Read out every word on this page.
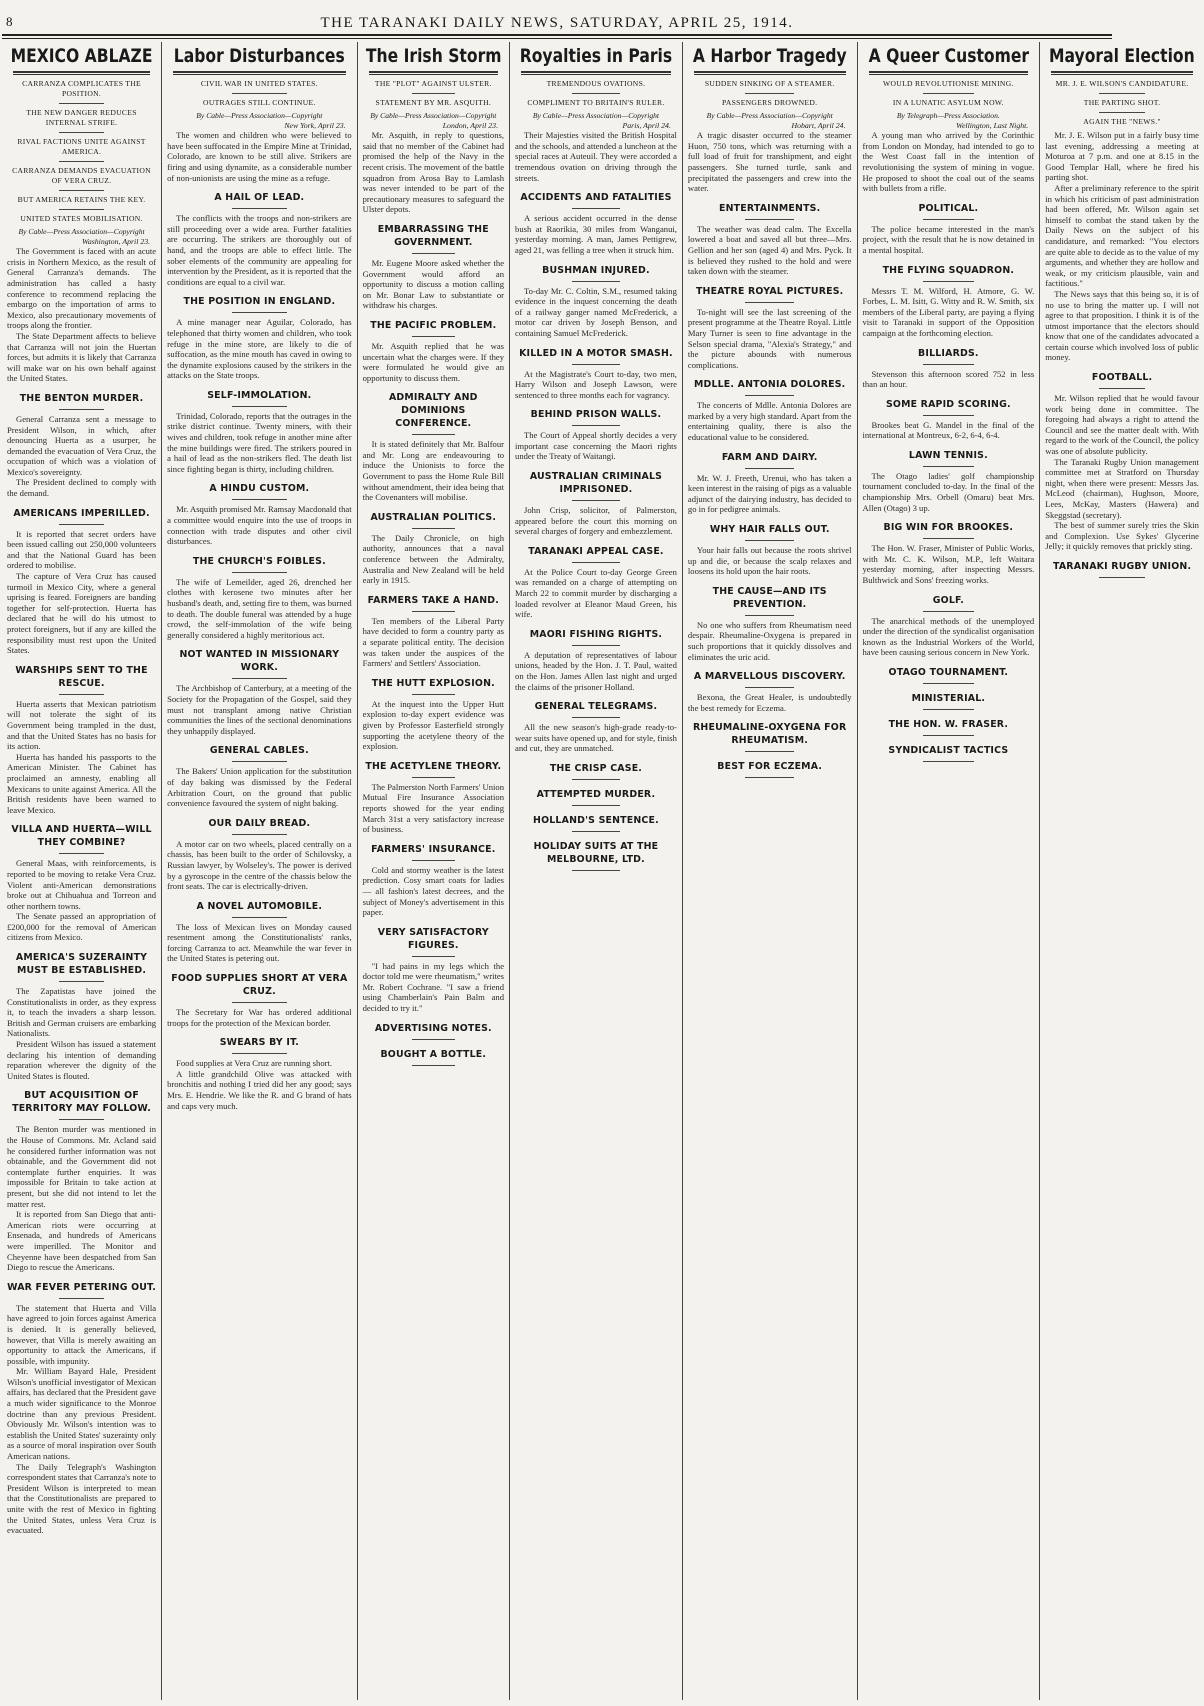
8	THE TARANAKI DAILY NEWS, SATURDAY, APRIL 25, 1914.
MEXICO ABLAZE
CARRANZA COMPLICATES THE POSITION.
THE NEW DANGER REDUCES INTERNAL STRIFE.
RIVAL FACTIONS UNITE AGAINST AMERICA.
CARRANZA DEMANDS EVACUATION OF VERA CRUZ.
BUT AMERICA RETAINS THE KEY.
UNITED STATES MOBILISATION.
By Cable—Press Association—Copyright
Washington, April 23.

The Government is faced with an acute crisis in Northern Mexico, as the result of General Carranza's demands. The administration has called a hasty conference to recommend replacing the embargo on the importation of arms to Mexico, also precautionary movements of troops along the frontier.

The State Department affects to believe that Carranza will not join the Huertan forces, but admits it is likely that Carranza will make war on his own behalf against the United States.

THE BENTON MURDER.

General Carranza sent a message to President Wilson, in which, after denouncing Huerta as a usurper, he demanded the evacuation of Vera Cruz, the occupation of which was a violation of Mexico's sovereignty.

The President declined to comply with the demand.

AMERICANS IMPERILLED.

It is reported that secret orders have been issued calling out 250,000 volunteers and that the National Guard has been ordered to mobilise.

The capture of Vera Cruz has caused turmoil in Mexico City, where a general uprising is feared. Foreigners are banding together for self-protection. Huerta has declared that he will do his utmost to protect foreigners, but if any are killed the responsibility must rest upon the United States.

WARSHIPS SENT TO THE RESCUE.

Huerta asserts that Mexican patriotism will not tolerate the sight of its Government being trampled in the dust, and that the United States has no basis for its action.

Huerta has handed his passports to the American Minister. The Cabinet has proclaimed an amnesty, enabling all Mexicans to unite against America. All the British residents have been warned to leave Mexico.

VILLA AND HUERTA—WILL THEY COMBINE?

General Maas, with reinforcements, is reported to be moving to retake Vera Cruz. Violent anti-American demonstrations broke out at Chihuahua and Torreon and other northern towns.

The Senate passed an appropriation of £200,000 for the removal of American citizens from Mexico.

AMERICA'S SUZERAINTY MUST BE ESTABLISHED.

The Zapatistas have joined the Constitutionalists in order, as they express it, to teach the invaders a sharp lesson. British and German cruisers are embarking Nationalists.

President Wilson has issued a statement declaring his intention of demanding reparation wherever the dignity of the United States is flouted.

BUT ACQUISITION OF TERRITORY MAY FOLLOW.

The Benton murder was mentioned in the House of Commons. Mr. Acland said he considered further information was not obtainable, and the Government did not contemplate further enquiries. It was impossible for Britain to take action at present, but she did not intend to let the matter rest.

It is reported from San Diego that anti-American riots were occurring at Ensenada, and hundreds of Americans were imperilled. The Monitor and Cheyenne have been despatched from San Diego to rescue the Americans.

WAR FEVER PETERING OUT.

The statement that Huerta and Villa have agreed to join forces against America is denied. It is generally believed, however, that Villa is merely awaiting an opportunity to attack the Americans, if possible, with impunity.

Mr. William Bayard Hale, President Wilson's unofficial investigator of Mexican affairs, has declared that the President gave a much wider significance to the Monroe doctrine than any previous President. Obviously Mr. Wilson's intention was to establish the United States' suzerainty only as a source of moral inspiration over South American nations.

The Daily Telegraph's Washington correspondent states that Carranza's note to President Wilson is interpreted to mean that the Constitutionalists are prepared to unite with the rest of Mexico in fighting the United States, unless Vera Cruz is evacuated.

Labor Disturbances
CIVIL WAR IN UNITED STATES.
OUTRAGES STILL CONTINUE.
By Cable—Press Association—Copyright
New York, April 23.

The women and children who were believed to have been suffocated in the Empire Mine at Trinidad, Colorado, are known to be still alive. Strikers are firing and using dynamite, as a considerable number of non-unionists are using the mine as a refuge.

A HAIL OF LEAD.

The conflicts with the troops and non-strikers are still proceeding over a wide area. Further fatalities are occurring. The strikers are thoroughly out of hand, and the troops are able to effect little. The sober elements of the community are appealing for intervention by the President, as it is reported that the conditions are equal to a civil war.

THE POSITION IN ENGLAND.

A mine manager near Aguilar, Colorado, has telephoned that thirty women and children, who took refuge in the mine store, are likely to die of suffocation, as the mine mouth has caved in owing to the dynamite explosions caused by the strikers in the attacks on the State troops.

SELF-IMMOLATION.

Trinidad, Colorado, reports that the outrages in the strike district continue. Twenty miners, with their wives and children, took refuge in another mine after the mine buildings were fired. The strikers poured in a hail of lead as the non-strikers fled. The death list since fighting began is thirty, including children.

A HINDU CUSTOM.

Mr. Asquith promised Mr. Ramsay Macdonald that a committee would enquire into the use of troops in connection with trade disputes and other civil disturbances.

THE CHURCH'S FOIBLES.

The wife of Lemeilder, aged 26, drenched her clothes with kerosene two minutes after her husband's death, and, setting fire to them, was burned to death. The double funeral was attended by a huge crowd, the self-immolation of the wife being generally considered a highly meritorious act.

NOT WANTED IN MISSIONARY WORK.

The Archbishop of Canterbury, at a meeting of the Society for the Propagation of the Gospel, said they must not transplant among native Christian communities the lines of the sectional denominations they unhappily displayed.

GENERAL CABLES.

The Bakers' Union application for the substitution of day baking was dismissed by the Federal Arbitration Court, on the ground that public convenience favoured the system of night baking.

OUR DAILY BREAD.

A motor car on two wheels, placed centrally on a chassis, has been built to the order of Schilovsky, a Russian lawyer, by Wolseley's. The power is derived by a gyroscope in the centre of the chassis below the front seats. The car is electrically-driven.

A NOVEL AUTOMOBILE.

The loss of Mexican lives on Monday caused resentment among the Constitutionalists' ranks, forcing Carranza to act. Meanwhile the war fever in the United States is petering out.

FOOD SUPPLIES SHORT AT VERA CRUZ.

The Secretary for War has ordered additional troops for the protection of the Mexican border.

SWEARS BY IT.

Food supplies at Vera Cruz are running short.

A little grandchild Olive was attacked with bronchitis and nothing I tried did her any good; says Mrs. E. Hendrie. We like the R. and G brand of hats and caps very much.

The Irish Storm
THE "PLOT" AGAINST ULSTER.
STATEMENT BY MR. ASQUITH.
By Cable—Press Association—Copyright
London, April 23.

Mr. Asquith, in reply to questions, said that no member of the Cabinet had promised the help of the Navy in the recent crisis. The movement of the battle squadron from Arosa Bay to Lamlash was never intended to be part of the precautionary measures to safeguard the Ulster depots.

EMBARRASSING THE GOVERNMENT.

Mr. Eugene Moore asked whether the Government would afford an opportunity to discuss a motion calling on Mr. Bonar Law to substantiate or withdraw his charges.

THE PACIFIC PROBLEM.

Mr. Asquith replied that he was uncertain what the charges were. If they were formulated he would give an opportunity to discuss them.

ADMIRALTY AND DOMINIONS CONFERENCE.

It is stated definitely that Mr. Balfour and Mr. Long are endeavouring to induce the Unionists to force the Government to pass the Home Rule Bill without amendment, their idea being that the Covenanters will mobilise.

AUSTRALIAN POLITICS.

The Daily Chronicle, on high authority, announces that a naval conference between the Admiralty, Australia and New Zealand will be held early in 1915.

FARMERS TAKE A HAND.

Ten members of the Liberal Party have decided to form a country party as a separate political entity. The decision was taken under the auspices of the Farmers' and Settlers' Association.

THE HUTT EXPLOSION.

At the inquest into the Upper Hutt explosion to-day expert evidence was given by Professor Easterfield strongly supporting the acetylene theory of the explosion.

THE ACETYLENE THEORY.

The Palmerston North Farmers' Union Mutual Fire Insurance Association reports showed for the year ending March 31st a very satisfactory increase of business.

FARMERS' INSURANCE.

Cold and stormy weather is the latest prediction. Cosy smart coats for ladies — all fashion's latest decrees, and the subject of Money's advertisement in this paper.

VERY SATISFACTORY FIGURES.

"I had pains in my legs which the doctor told me were rheumatism," writes Mr. Robert Cochrane. "I saw a friend using Chamberlain's Pain Balm and decided to try it."

ADVERTISING NOTES.
BOUGHT A BOTTLE.
Royalties in Paris
TREMENDOUS OVATIONS.
COMPLIMENT TO BRITAIN'S RULER.
By Cable—Press Association—Copyright
Paris, April 24.

Their Majesties visited the British Hospital and the schools, and attended a luncheon at the special races at Auteuil. They were accorded a tremendous ovation on driving through the streets.

ACCIDENTS AND FATALITIES

A serious accident occurred in the dense bush at Raorikia, 30 miles from Wanganui, yesterday morning. A man, James Pettigrew, aged 21, was felling a tree when it struck him.

BUSHMAN INJURED.

To-day Mr. C. Coltin, S.M., resumed taking evidence in the inquest concerning the death of a railway ganger named McFrederick, a motor car driven by Joseph Benson, and containing Samuel McFrederick.

KILLED IN A MOTOR SMASH.

At the Magistrate's Court to-day, two men, Harry Wilson and Joseph Lawson, were sentenced to three months each for vagrancy.

BEHIND PRISON WALLS.

The Court of Appeal shortly decides a very important case concerning the Maori rights under the Treaty of Waitangi.

AUSTRALIAN CRIMINALS IMPRISONED.

John Crisp, solicitor, of Palmerston, appeared before the court this morning on several charges of forgery and embezzlement.

TARANAKI APPEAL CASE.

At the Police Court to-day George Green was remanded on a charge of attempting on March 22 to commit murder by discharging a loaded revolver at Eleanor Maud Green, his wife.

MAORI FISHING RIGHTS.

A deputation of representatives of labour unions, headed by the Hon. J. T. Paul, waited on the Hon. James Allen last night and urged the claims of the prisoner Holland.

GENERAL TELEGRAMS.

All the new season's high-grade ready-to-wear suits have opened up, and for style, finish and cut, they are unmatched.

THE CRISP CASE.
ATTEMPTED MURDER.
HOLLAND'S SENTENCE.
HOLIDAY SUITS AT THE MELBOURNE, LTD.
A Harbor Tragedy
SUDDEN SINKING OF A STEAMER.
PASSENGERS DROWNED.
By Cable—Press Association—Copyright
Hobart, April 24.

A tragic disaster occurred to the steamer Huon, 750 tons, which was returning with a full load of fruit for transhipment, and eight passengers. She turned turtle, sank and precipitated the passengers and crew into the water.

ENTERTAINMENTS.

The weather was dead calm. The Excella lowered a boat and saved all but three—Mrs. Gellion and her son (aged 4) and Mrs. Pyck. It is believed they rushed to the hold and were taken down with the steamer.

THEATRE ROYAL PICTURES.

To-night will see the last screening of the present programme at the Theatre Royal. Little Mary Turner is seen to fine advantage in the Selson special drama, "Alexia's Strategy," and the picture abounds with numerous complications.

MDLLE. ANTONIA DOLORES.

The concerts of Mdlle. Antonia Dolores are marked by a very high standard. Apart from the entertaining quality, there is also the educational value to be considered.

FARM AND DAIRY.

Mr. W. J. Freeth, Urenui, who has taken a keen interest in the raising of pigs as a valuable adjunct of the dairying industry, has decided to go in for pedigree animals.

WHY HAIR FALLS OUT.

Your hair falls out because the roots shrivel up and die, or because the scalp relaxes and loosens its hold upon the hair roots.

THE CAUSE—AND ITS PREVENTION.

No one who suffers from Rheumatism need despair. Rheumaline-Oxygena is prepared in such proportions that it quickly dissolves and eliminates the uric acid.

A MARVELLOUS DISCOVERY.

Bexona, the Great Healer, is undoubtedly the best remedy for Eczema.

RHEUMALINE-OXYGENA FOR RHEUMATISM.
BEST FOR ECZEMA.
A Queer Customer
WOULD REVOLUTIONISE MINING.
IN A LUNATIC ASYLUM NOW.
By Telegraph—Press Association.
Wellington, Last Night.

A young man who arrived by the Corinthic from London on Monday, had intended to go to the West Coast fall in the intention of revolutionising the system of mining in vogue. He proposed to shoot the coal out of the seams with bullets from a rifle.

POLITICAL.

The police became interested in the man's project, with the result that he is now detained in a mental hospital.

THE FLYING SQUADRON.

Messrs T. M. Wilford, H. Atmore, G. W. Forbes, L. M. Isitt, G. Witty and R. W. Smith, six members of the Liberal party, are paying a flying visit to Taranaki in support of the Opposition campaign at the forthcoming election.

BILLIARDS.

Stevenson this afternoon scored 752 in less than an hour.

SOME RAPID SCORING.

Brookes beat G. Mandel in the final of the international at Montreux, 6-2, 6-4, 6-4.

LAWN TENNIS.

The Otago ladies' golf championship tournament concluded to-day. In the final of the championship Mrs. Orbell (Omaru) beat Mrs. Allen (Otago) 3 up.

BIG WIN FOR BROOKES.

The Hon. W. Fraser, Minister of Public Works, with Mr. C. K. Wilson, M.P., left Waitara yesterday morning, after inspecting Messrs. Bulthwick and Sons' freezing works.

GOLF.

The anarchical methods of the unemployed under the direction of the syndicalist organisation known as the Industrial Workers of the World, have been causing serious concern in New York.

OTAGO TOURNAMENT.
MINISTERIAL.
THE HON. W. FRASER.
SYNDICALIST TACTICS
Mayoral Election
MR. J. E. WILSON'S CANDIDATURE.
THE PARTING SHOT.
AGAIN THE "NEWS."

Mr. J. E. Wilson put in a fairly busy time last evening, addressing a meeting at Moturoa at 7 p.m. and one at 8.15 in the Good Templar Hall, where he fired his parting shot.

After a preliminary reference to the spirit in which his criticism of past administration had been offered, Mr. Wilson again set himself to combat the stand taken by the Daily News on the subject of his candidature, and remarked: "You electors are quite able to decide as to the value of my arguments, and whether they are hollow and weak, or my criticism plausible, vain and factitious."

The News says that this being so, it is of no use to bring the matter up. I will not agree to that proposition. I think it is of the utmost importance that the electors should know that one of the candidates advocated a certain course which involved loss of public money.

FOOTBALL.

Mr. Wilson replied that he would favour work being done in committee. The foregoing had always a right to attend the Council and see the matter dealt with. With regard to the work of the Council, the policy was one of absolute publicity.

The Taranaki Rugby Union management committee met at Stratford on Thursday night, when there were present: Messrs Jas. McLeod (chairman), Hughson, Moore, Lees, McKay, Masters (Hawera) and Skeggstad (secretary).

The best of summer surely tries the Skin and Complexion. Use Sykes' Glycerine Jelly; it quickly removes that prickly sting.

TARANAKI RUGBY UNION.
